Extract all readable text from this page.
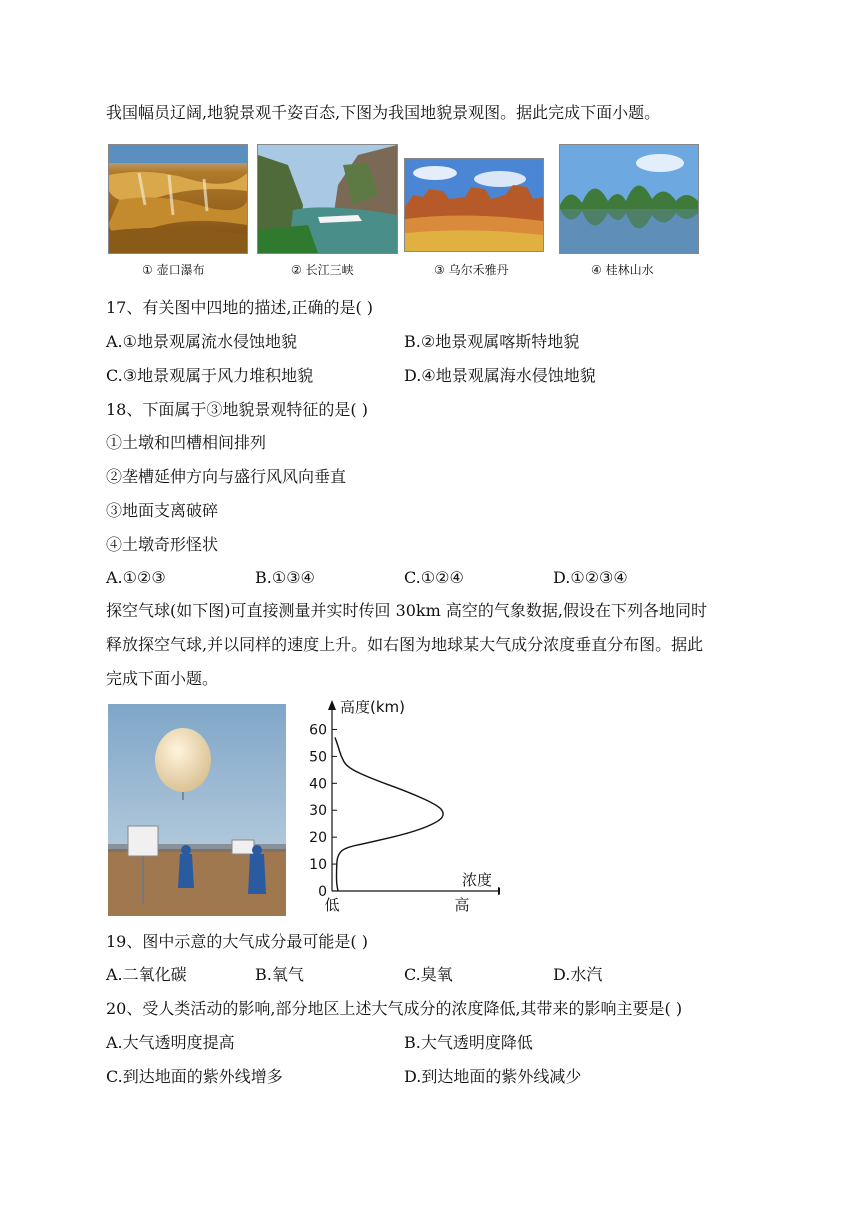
我国幅员辽阔,地貌景观千姿百态,下图为我国地貌景观图。据此完成下面小题。
① 壶口瀑布	② 长江三峡	③ 乌尔禾雅丹	④ 桂林山水
17、有关图中四地的描述,正确的是( )
A.①地景观属流水侵蚀地貌	B.②地景观属喀斯特地貌
C.③地景观属于风力堆积地貌	D.④地景观属海水侵蚀地貌
18、下面属于③地貌景观特征的是( )
①土墩和凹槽相间排列
②垄槽延伸方向与盛行风风向垂直
③地面支离破碎
④土墩奇形怪状
A.①②③	B.①③④	C.①②④	D.①②③④
探空气球(如下图)可直接测量并实时传回 30km 高空的气象数据,假设在下列各地同时
释放探空气球,并以同样的速度上升。如右图为地球某大气成分浓度垂直分布图。据此
完成下面小题。
高度(km)
0
10
20
30
40
50
60
浓度
低	高
19、图中示意的大气成分最可能是( )
A.二氧化碳	B.氧气	C.臭氧	D.水汽
20、受人类活动的影响,部分地区上述大气成分的浓度降低,其带来的影响主要是( )
A.大气透明度提高	B.大气透明度降低
C.到达地面的紫外线增多	D.到达地面的紫外线减少
